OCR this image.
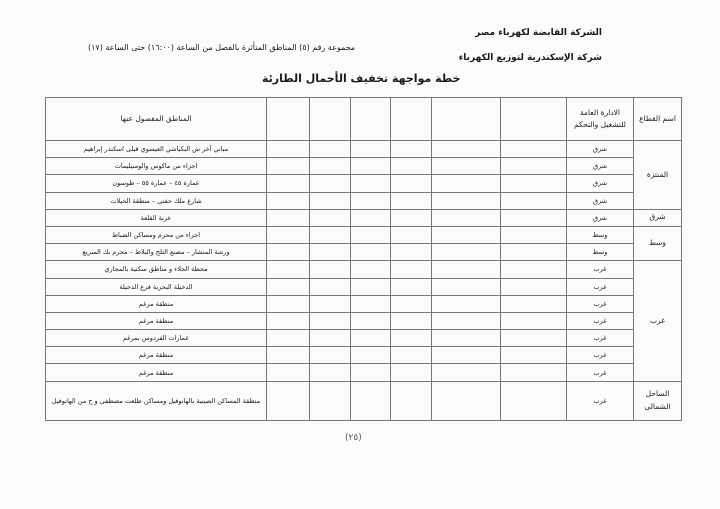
الشركة القابضة لكهرباء مصر
شركة الإسكندرية لتوزيع الكهرباء
مجموعة رقم (٥) المناطق المتأثرة بالفصل من الساعة (١٦:٠٠) حتى الساعة (١٧)
خطة مواجهة تخفيف الأحمال الطارئة
اسم القطاع	الادارة العامة للتشغيل والتحكم							المناطق المفصول عنها
المنتزة	شرق							مباني آخر ش البكباشي العيسوي قبلى اسكندر إبراهيم
	شرق							اجزاء من ماكوس والومنيليمات
	شرق							عمارة ٤٥ – عمارة ٥٥ – طوسون
	شرق							شارع ملك حفنى – منطقة الخيلات
شرق	شرق							عزبة القلعة
وسط	وسط							اجزاء من محرم ومساكن الضباط
	وسط							ورشة المنشار – مصنع الثلج والبلاط – محرم بك السريع
غرب	غرب							محطة الجلاء و مناطق سكنية بالمجاري
	غرب							الدخيلة البحرية فرع الدخيلة
	غرب							منطقة مرغم
	غرب							منطقة مرغم
	غرب							عمارات الفردوس بمرغم
	غرب							منطقة مرغم
	غرب							منطقة مرغم
الساحل الشمالى	غرب							منطقة المساكن الصينية بالهانوفيل ومساكن طلعت مصطفى و ح من الهانوفيل
(٢٥)
